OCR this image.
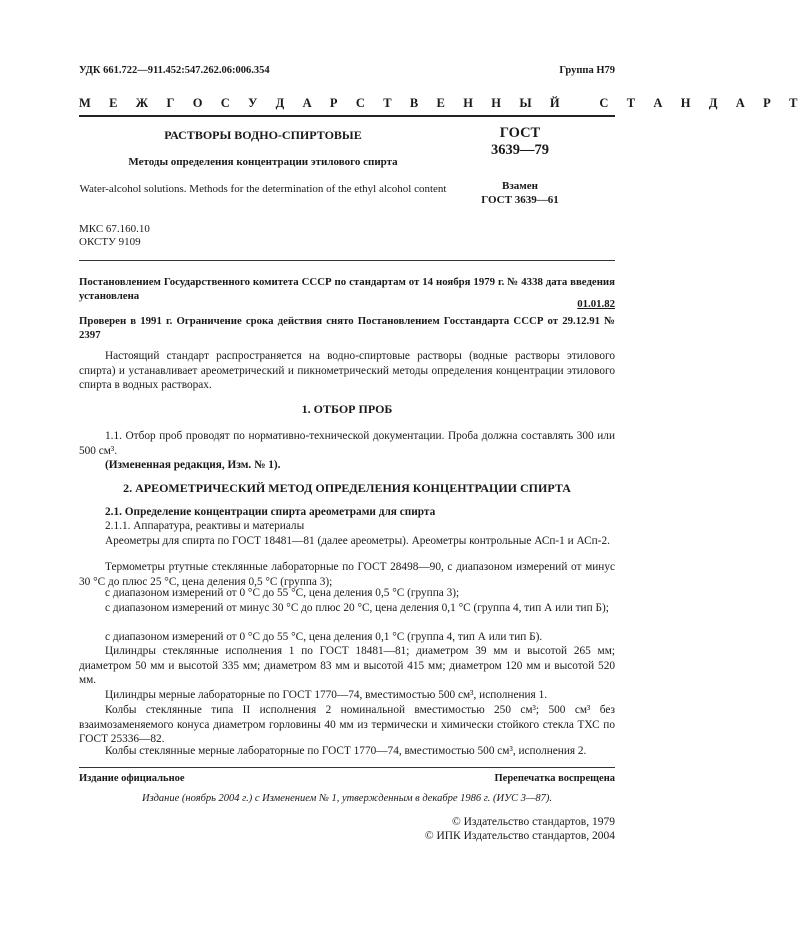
УДК 661.722—911.452:547.262.06:006.354	Группа Н79
М Е Ж Г О С У Д А Р С Т В Е Н Н Ы Й   С Т А Н Д А Р Т
РАСТВОРЫ ВОДНО-СПИРТОВЫЕ
Методы определения концентрации этилового спирта
Water-alcohol solutions. Methods for the determination of the ethyl alcohol content
ГОСТ
3639—79
Взамен
ГОСТ 3639—61
МКС 67.160.10
ОКСТУ 9109

Постановлением Государственного комитета СССР по стандартам от 14 ноября 1979 г. № 4338 дата введения установлена

01.01.82

Проверен в 1991 г. Ограничение срока действия снято Постановлением Госстандарта СССР от 29.12.91 № 2397

Настоящий стандарт распространяется на водно-спиртовые растворы (водные растворы этилового спирта) и устанавливает ареометрический и пикнометрический методы определения концентрации этилового спирта в водных растворах.

1. ОТБОР ПРОБ

1.1. Отбор проб проводят по нормативно-технической документации. Проба должна составлять 300 или 500 см³.

(Измененная редакция, Изм. № 1).

2. АРЕОМЕТРИЧЕСКИЙ МЕТОД ОПРЕДЕЛЕНИЯ КОНЦЕНТРАЦИИ СПИРТА

2.1. Определение концентрации спирта ареометрами для спирта

2.1.1. Аппаратура, реактивы и материалы

Ареометры для спирта по ГОСТ 18481—81 (далее ареометры). Ареометры контрольные АСп-1 и АСп-2.

Термометры ртутные стеклянные лабораторные по ГОСТ 28498—90, с диапазоном измерений от минус 30 °С до плюс 25 °С, цена деления 0,5 °С (группа 3);

с диапазоном измерений от 0 °С до 55 °С, цена деления 0,5 °С (группа 3);

с диапазоном измерений от минус 30 °С до плюс 20 °С, цена деления 0,1 °С (группа 4, тип А или тип Б);

с диапазоном измерений от 0 °С до 55 °С, цена деления 0,1 °С (группа 4, тип А или тип Б).

Цилиндры стеклянные исполнения 1 по ГОСТ 18481—81; диаметром 39 мм и высотой 265 мм; диаметром 50 мм и высотой 335 мм; диаметром 83 мм и высотой 415 мм; диаметром 120 мм и высотой 520 мм.

Цилиндры мерные лабораторные по ГОСТ 1770—74, вместимостью 500 см³, исполнения 1.

Колбы стеклянные типа II исполнения 2 номинальной вместимостью 250 см³; 500 см³ без взаимозаменяемого конуса диаметром горловины 40 мм из термически и химически стойкого стекла ТХС по ГОСТ 25336—82.

Колбы стеклянные мерные лабораторные по ГОСТ 1770—74, вместимостью 500 см³, исполнения 2.

Издание официальное	Перепечатка воспрещена
Издание (ноябрь 2004 г.) с Изменением № 1, утвержденным в декабре 1986 г. (ИУС 3—87).
© Издательство стандартов, 1979
© ИПК Издательство стандартов, 2004
